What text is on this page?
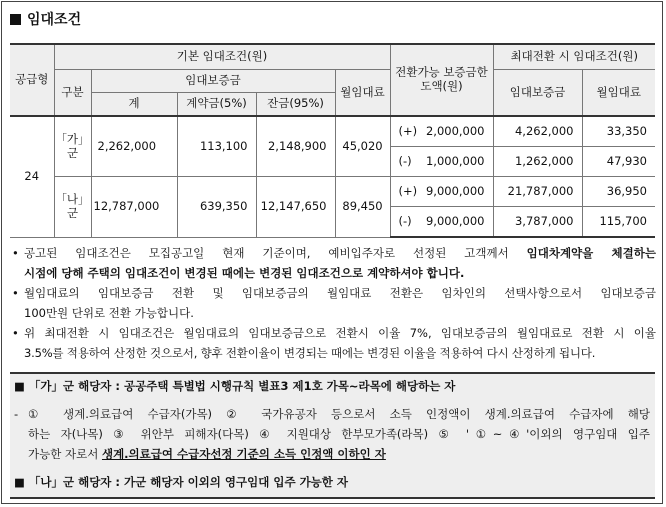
임대조건
공급형	기본 임대조건(원)					전환가능 보증금한도액(원)	최대전환 시 임대조건(원)	
	구분	임대보증금			월임대료		임대보증금	월임대료
		계	계약금(5%)	잔금(95%)				
24	「가」군	2,262,000	113,100	2,148,900	45,020	(+) 2,000,000	4,262,000	33,350

						(-) 1,000,000	1,262,000	47,930
	「나」군	12,787,000	639,350	12,147,650	89,450	(+) 9,000,000	21,787,000	36,950

						(-) 9,000,000	3,787,000	115,700
• 공고된 임대조건은 모집공고일 현재 기준이며, 예비입주자로 선정된 고객께서 임대차계약을 체결하는
시점에 당해 주택의 임대조건이 변경된 때에는 변경된 임대조건으로 계약하셔야 합니다.
• 월임대료의 임대보증금 전환 및 임대보증금의 월임대료 전환은 임차인의 선택사항으로서 임대보증금
100만원 단위로 전환 가능합니다.
• 위 최대전환 시 임대조건은 월임대료의 임대보증금으로 전환시 이율 7%, 임대보증금의 월임대료로 전환 시 이율
3.5%를 적용하여 산정한 것으로서, 향후 전환이율이 변경되는 때에는 변경된 이율을 적용하여 다시 산정하게 됩니다.
■ 「가」군 해당자 : 공공주택 특별법 시행규칙 별표3 제1호 가목~라목에 해당하는 자
- ① 생계.의료급여 수급자(가목) ② 국가유공자 등으로서 소득 인정액이 생계.의료급여 수급자에 해당
하는 자(나목) ③ 위안부 피해자(다목) ④ 지원대상 한부모가족(라목) ⑤ '①~④'이외의 영구임대 입주
가능한 자로서 생계.의료급여 수급자선정 기준의 소득 인정액 이하인 자
■ 「나」군 해당자 : 가군 해당자 이외의 영구임대 입주 가능한 자
